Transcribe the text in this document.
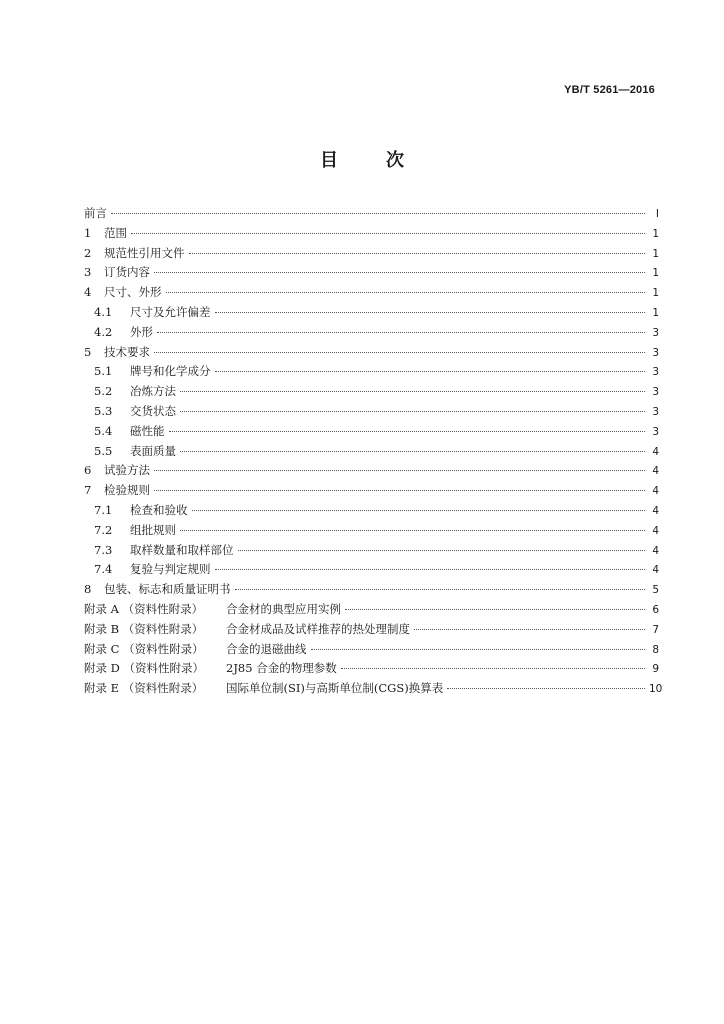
YB/T 5261—2016
目	次
前言	I
1	范围	1
2	规范性引用文件	1
3	订货内容	1
4	尺寸、外形	1
4.1	尺寸及允许偏差	1
4.2	外形	3
5	技术要求	3
5.1	牌号和化学成分	3
5.2	冶炼方法	3
5.3	交货状态	3
5.4	磁性能	3
5.5	表面质量	4
6	试验方法	4
7	检验规则	4
7.1	检查和验收	4
7.2	组批规则	4
7.3	取样数量和取样部位	4
7.4	复验与判定规则	4
8	包装、标志和质量证明书	5
附录 A （资料性附录）	合金材的典型应用实例	6
附录 B （资料性附录）	合金材成品及试样推荐的热处理制度	7
附录 C （资料性附录）	合金的退磁曲线	8
附录 D （资料性附录）	2J85 合金的物理参数	9
附录 E （资料性附录）	国际单位制(SI)与高斯单位制(CGS)换算表	10
